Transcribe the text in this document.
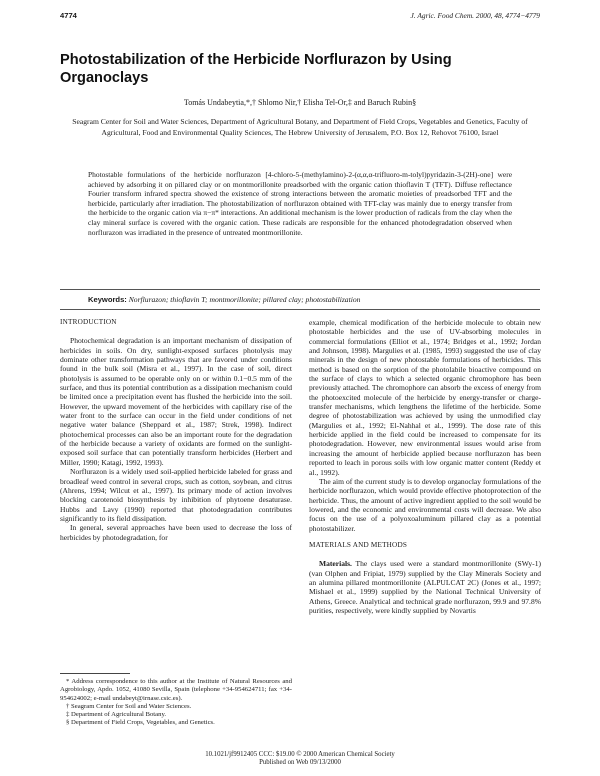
4774	J. Agric. Food Chem. 2000, 48, 4774−4779
Photostabilization of the Herbicide Norflurazon by Using Organoclays
Tomás Undabeytia,*,† Shlomo Nir,† Elisha Tel-Or,‡ and Baruch Rubin§
Seagram Center for Soil and Water Sciences, Department of Agricultural Botany, and Department of Field Crops, Vegetables and Genetics, Faculty of Agricultural, Food and Environmental Quality Sciences, The Hebrew University of Jerusalem, P.O. Box 12, Rehovot 76100, Israel

Photostable formulations of the herbicide norflurazon [4-chloro-5-(methylamino)-2-(α,α,α-trifluoro-m-tolyl)pyridazin-3-(2H)-one] were achieved by adsorbing it on pillared clay or on montmorillonite preadsorbed with the organic cation thioflavin T (TFT). Diffuse reflectance Fourier transform infrared spectra showed the existence of strong interactions between the aromatic moieties of preadsorbed TFT and the herbicide, particularly after irradiation. The photostabilization of norflurazon obtained with TFT-clay was mainly due to energy transfer from the herbicide to the organic cation via π−π* interactions. An additional mechanism is the lower production of radicals from the clay when the clay mineral surface is covered with the organic cation. These radicals are responsible for the enhanced photodegradation observed when norflurazon was irradiated in the presence of untreated montmorillonite.

Keywords: Norflurazon; thioflavin T; montmorillonite; pillared clay; photostabilization
INTRODUCTION

Photochemical degradation is an important mechanism of dissipation of herbicides in soils. On dry, sunlight-exposed surfaces photolysis may dominate other transformation pathways that are favored under conditions found in the bulk soil (Misra et al., 1997). In the case of soil, direct photolysis is assumed to be operable only on or within 0.1−0.5 mm of the surface, and thus its potential contribution as a dissipation mechanism could be limited once a precipitation event has flushed the herbicide into the soil. However, the upward movement of the herbicides with capillary rise of the water front to the surface can occur in the field under conditions of net negative water balance (Sheppard et al., 1987; Strek, 1998). Indirect photochemical processes can also be an important route for the degradation of the herbicide because a variety of oxidants are formed on the sunlight-exposed soil surface that can potentially transform herbicides (Herbert and Miller, 1990; Katagi, 1992, 1993).

Norflurazon is a widely used soil-applied herbicide labeled for grass and broadleaf weed control in several crops, such as cotton, soybean, and citrus (Ahrens, 1994; Wilcut et al., 1997). Its primary mode of action involves blocking carotenoid biosynthesis by inhibition of phytoene desaturase. Hubbs and Lavy (1990) reported that photodegradation contributes significantly to its field dissipation.

In general, several approaches have been used to decrease the loss of herbicides by photodegradation, for

* Address correspondence to this author at the Institute of Natural Resources and Agrobiology, Apdo. 1052, 41080 Sevilla, Spain (telephone +34-954624711; fax +34-954624002; e-mail undabeyt@irnase.csic.es).

† Seagram Center for Soil and Water Sciences.

‡ Department of Agricultural Botany.

§ Department of Field Crops, Vegetables, and Genetics.

example, chemical modification of the herbicide molecule to obtain new photostable herbicides and the use of UV-absorbing molecules in commercial formulations (Elliot et al., 1974; Bridges et al., 1992; Jordan and Johnson, 1998). Margulies et al. (1985, 1993) suggested the use of clay minerals in the design of new photostable formulations of herbicides. This method is based on the sorption of the photolabile bioactive compound on the surface of clays to which a selected organic chromophore has been previously attached. The chromophore can absorb the excess of energy from the photoexcited molecule of the herbicide by energy-transfer or charge-transfer mechanisms, which lengthens the lifetime of the herbicide. Some degree of photostabilization was achieved by using the unmodified clay (Margulies et al., 1992; El-Nahhal et al., 1999). The dose rate of this herbicide applied in the field could be increased to compensate for its photodegradation. However, new environmental issues would arise from increasing the amount of herbicide applied because norflurazon has been reported to leach in porous soils with low organic matter content (Reddy et al., 1992).

The aim of the current study is to develop organoclay formulations of the herbicide norflurazon, which would provide effective photoprotection of the herbicide. Thus, the amount of active ingredient applied to the soil would be lowered, and the economic and environmental costs will decrease. We also focus on the use of a polyoxoaluminum pillared clay as a potential photostabilizer.

MATERIALS AND METHODS

Materials. The clays used were a standard montmorillonite (SWy-1) (van Olphen and Fripiat, 1979) supplied by the Clay Minerals Society and an alumina pillared montmorillonite (ALPULCAT 2C) (Jones et al., 1997; Mishael et al., 1999) supplied by the National Technical University of Athens, Greece. Analytical and technical grade norflurazon, 99.9 and 97.8% purities, respectively, were kindly supplied by Novartis

10.1021/jf9912405 CCC: $19.00 © 2000 American Chemical Society
Published on Web 09/13/2000
